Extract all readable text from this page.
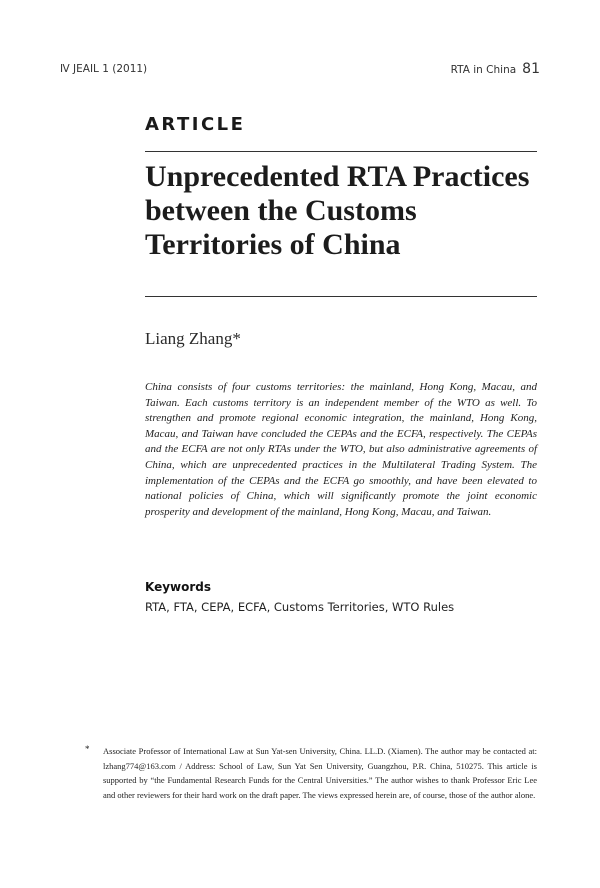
Ⅳ JEAIL 1 (2011)	RTA in China 81
ARTICLE
Unprecedented RTA Practices between the Customs Territories of China
Liang Zhang*

China consists of four customs territories: the mainland, Hong Kong, Macau, and Taiwan. Each customs territory is an independent member of the WTO as well. To strengthen and promote regional economic integration, the mainland, Hong Kong, Macau, and Taiwan have concluded the CEPAs and the ECFA, respectively. The CEPAs and the ECFA are not only RTAs under the WTO, but also administrative agreements of China, which are unprecedented practices in the Multilateral Trading System. The implementation of the CEPAs and the ECFA go smoothly, and have been elevated to national policies of China, which will significantly promote the joint economic prosperity and development of the mainland, Hong Kong, Macau, and Taiwan.

Keywords
RTA, FTA, CEPA, ECFA, Customs Territories, WTO Rules
* Associate Professor of International Law at Sun Yat-sen University, China. LL.D. (Xiamen). The author may be contacted at: lzhang774@163.com / Address: School of Law, Sun Yat Sen University, Guangzhou, P.R. China, 510275. This article is supported by “the Fundamental Research Funds for the Central Universities.” The author wishes to thank Professor Eric Lee and other reviewers for their hard work on the draft paper. The views expressed herein are, of course, those of the author alone.
